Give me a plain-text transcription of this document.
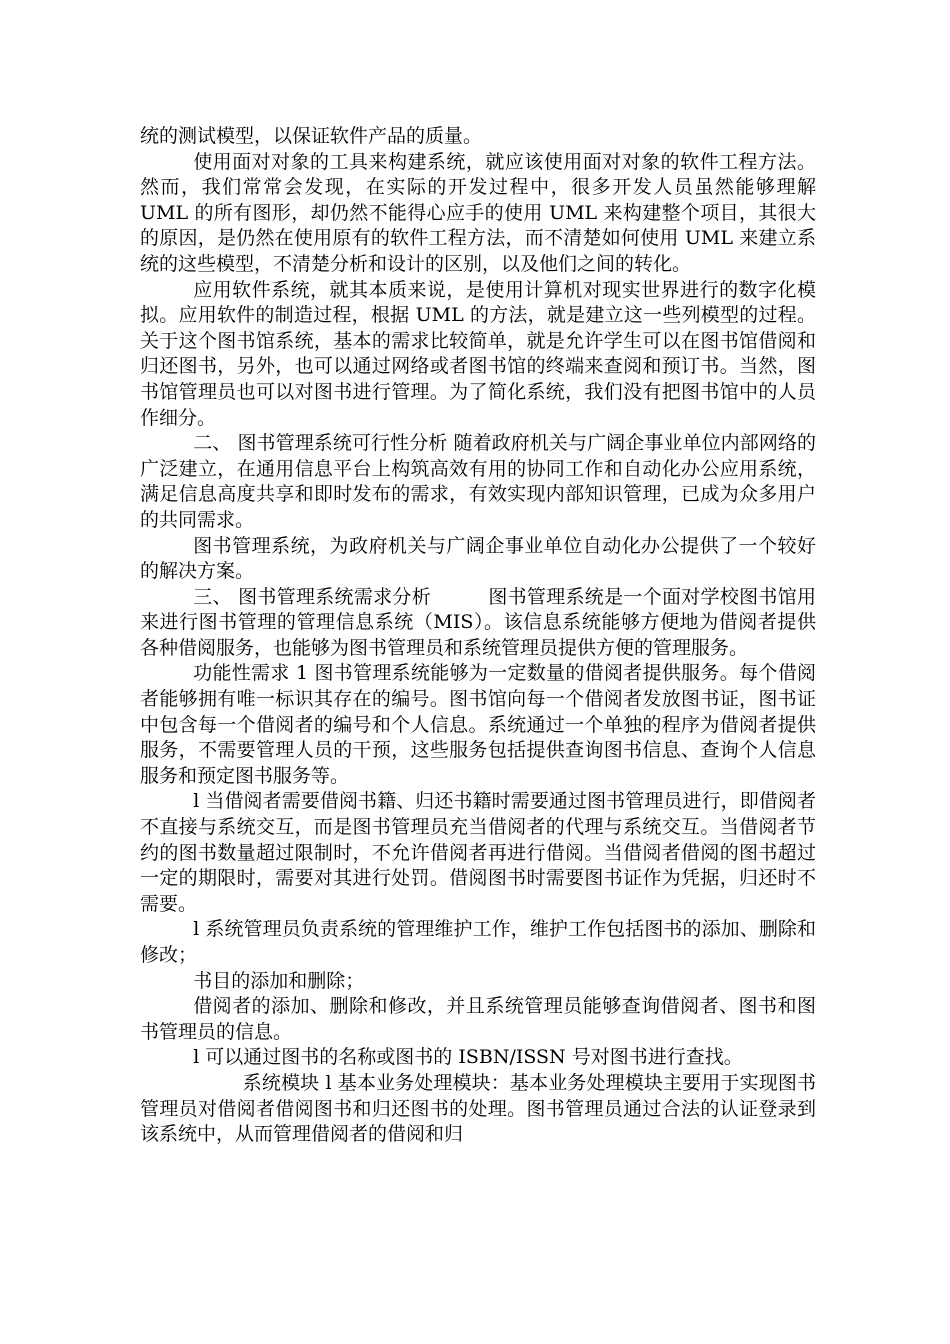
统的测试模型，以保证软件产品的质量。

使用面对对象的工具来构建系统，就应该使用面对对象的软件工程方法。然而，我们常常会发现，在实际的开发过程中，很多开发人员虽然能够理解 UML 的所有图形，却仍然不能得心应手的使用 UML 来构建整个项目，其很大的原因，是仍然在使用原有的软件工程方法，而不清楚如何使用 UML 来建立系统的这些模型，不清楚分析和设计的区别，以及他们之间的转化。

应用软件系统，就其本质来说，是使用计算机对现实世界进行的数字化模拟。应用软件的制造过程，根据 UML 的方法，就是建立这一些列模型的过程。关于这个图书馆系统，基本的需求比较简单，就是允许学生可以在图书馆借阅和归还图书，另外，也可以通过网络或者图书馆的终端来查阅和预订书。当然，图书馆管理员也可以对图书进行管理。为了简化系统，我们没有把图书馆中的人员作细分。

二、 图书管理系统可行性分析 随着政府机关与广阔企事业单位内部网络的广泛建立，在通用信息平台上构筑高效有用的协同工作和自动化办公应用系统，满足信息高度共享和即时发布的需求，有效实现内部知识管理，已成为众多用户的共同需求。

图书管理系统，为政府机关与广阔企事业单位自动化办公提供了一个较好的解决方案。

三、 图书管理系统需求分析	图书管理系统是一个面对学校图书馆用来进行图书管理的管理信息系统（MIS）。该信息系统能够方便地为借阅者提供各种借阅服务，也能够为图书管理员和系统管理员提供方便的管理服务。

功能性需求 1 图书管理系统能够为一定数量的借阅者提供服务。每个借阅者能够拥有唯一标识其存在的编号。图书馆向每一个借阅者发放图书证，图书证中包含每一个借阅者的编号和个人信息。系统通过一个单独的程序为借阅者提供服务，不需要管理人员的干预，这些服务包括提供查询图书信息、查询个人信息服务和预定图书服务等。

l 当借阅者需要借阅书籍、归还书籍时需要通过图书管理员进行，即借阅者不直接与系统交互，而是图书管理员充当借阅者的代理与系统交互。当借阅者节约的图书数量超过限制时，不允许借阅者再进行借阅。当借阅者借阅的图书超过一定的期限时，需要对其进行处罚。借阅图书时需要图书证作为凭据，归还时不需要。

l 系统管理员负责系统的管理维护工作，维护工作包括图书的添加、删除和修改；

书目的添加和删除；

借阅者的添加、删除和修改，并且系统管理员能够查询借阅者、图书和图书管理员的信息。

l 可以通过图书的名称或图书的 ISBN/ISSN 号对图书进行查找。

系统模块 l 基本业务处理模块：基本业务处理模块主要用于实现图书管理员对借阅者借阅图书和归还图书的处理。图书管理员通过合法的认证登录到该系统中，从而管理借阅者的借阅和归
